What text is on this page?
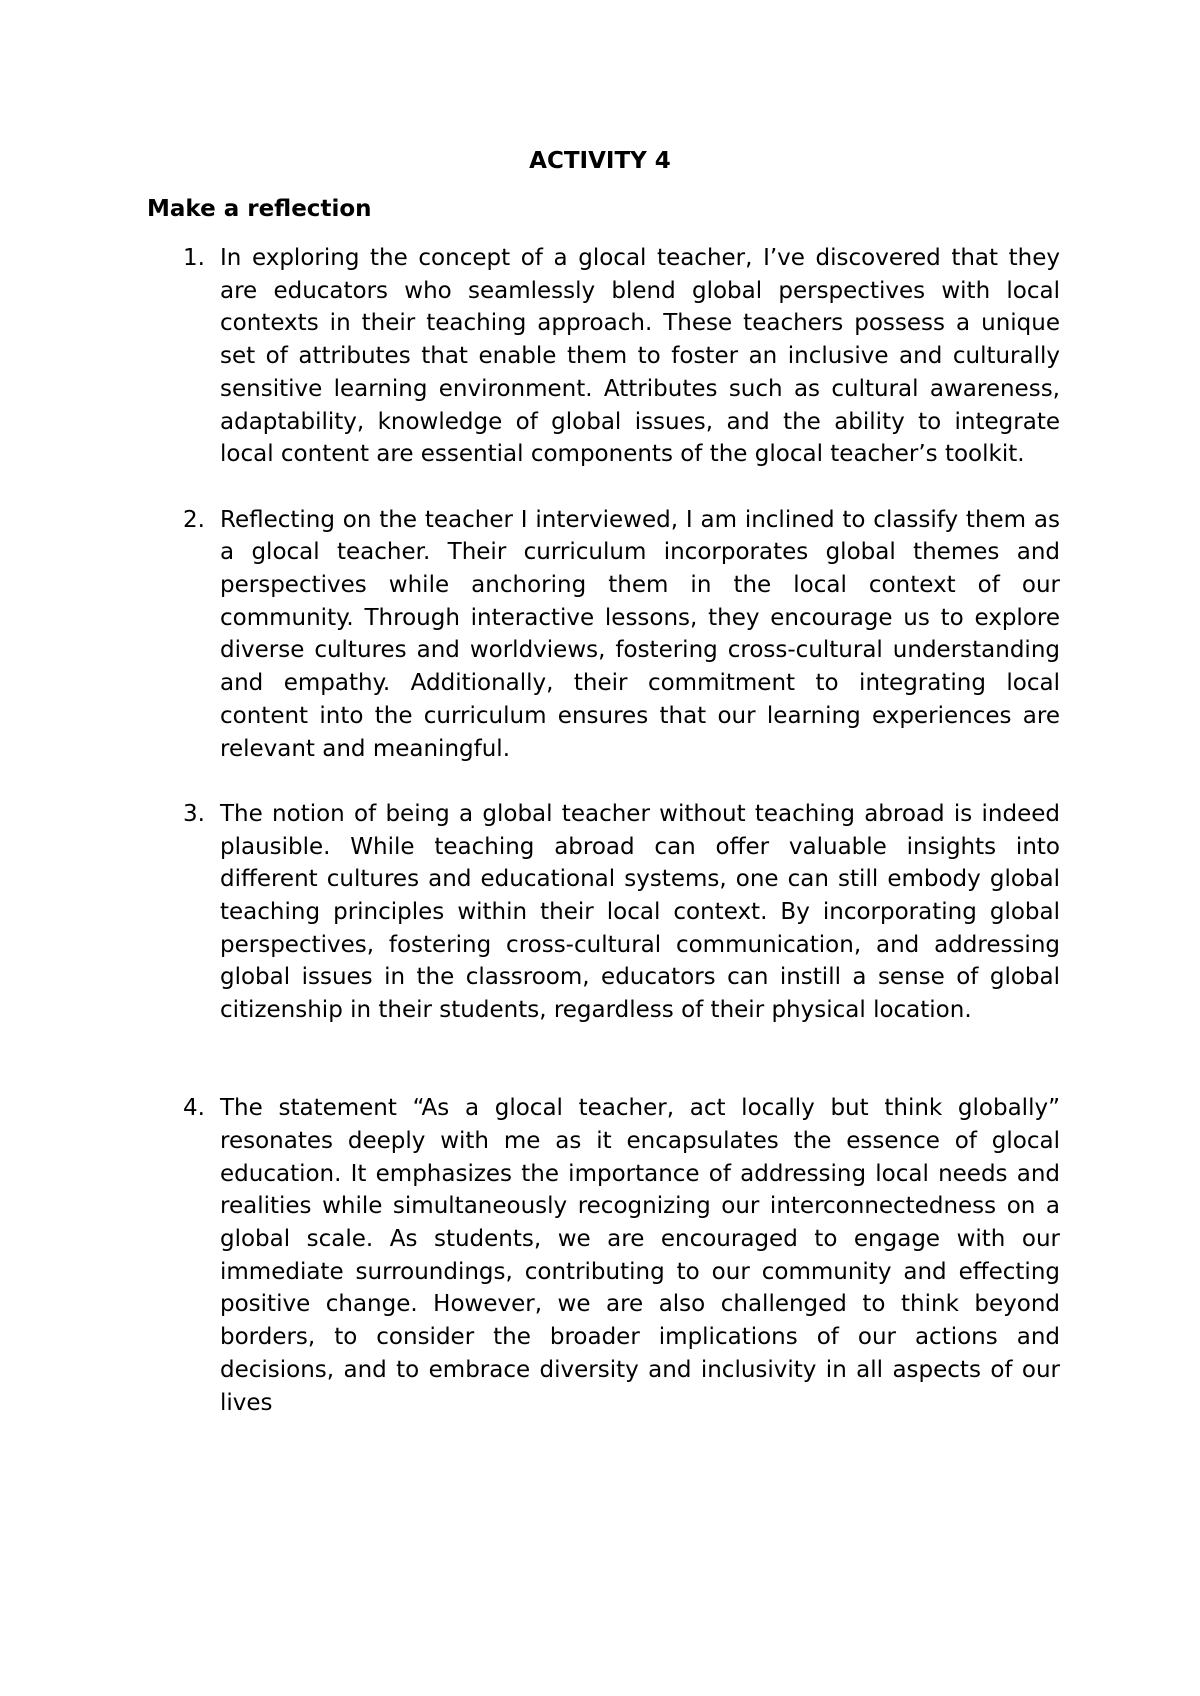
ACTIVITY 4
Make a reflection
1. In exploring the concept of a glocal teacher, I’ve discovered that they are educators who seamlessly blend global perspectives with local contexts in their teaching approach. These teachers possess a unique set of attributes that enable them to foster an inclusive and culturally sensitive learning environment. Attributes such as cultural awareness, adaptability, knowledge of global issues, and the ability to integrate local content are essential components of the glocal teacher’s toolkit.
2. Reflecting on the teacher I interviewed, I am inclined to classify them as a glocal teacher. Their curriculum incorporates global themes and perspectives while anchoring them in the local context of our community. Through interactive lessons, they encourage us to explore diverse cultures and worldviews, fostering cross-cultural understanding and empathy. Additionally, their commitment to integrating local content into the curriculum ensures that our learning experiences are relevant and meaningful.
3. The notion of being a global teacher without teaching abroad is indeed plausible. While teaching abroad can offer valuable insights into different cultures and educational systems, one can still embody global teaching principles within their local context. By incorporating global perspectives, fostering cross-cultural communication, and addressing global issues in the classroom, educators can instill a sense of global citizenship in their students, regardless of their physical location.
4. The statement “As a glocal teacher, act locally but think globally” resonates deeply with me as it encapsulates the essence of glocal education. It emphasizes the importance of addressing local needs and realities while simultaneously recognizing our interconnectedness on a global scale. As students, we are encouraged to engage with our immediate surroundings, contributing to our community and effecting positive change. However, we are also challenged to think beyond borders, to consider the broader implications of our actions and decisions, and to embrace diversity and inclusivity in all aspects of our lives
